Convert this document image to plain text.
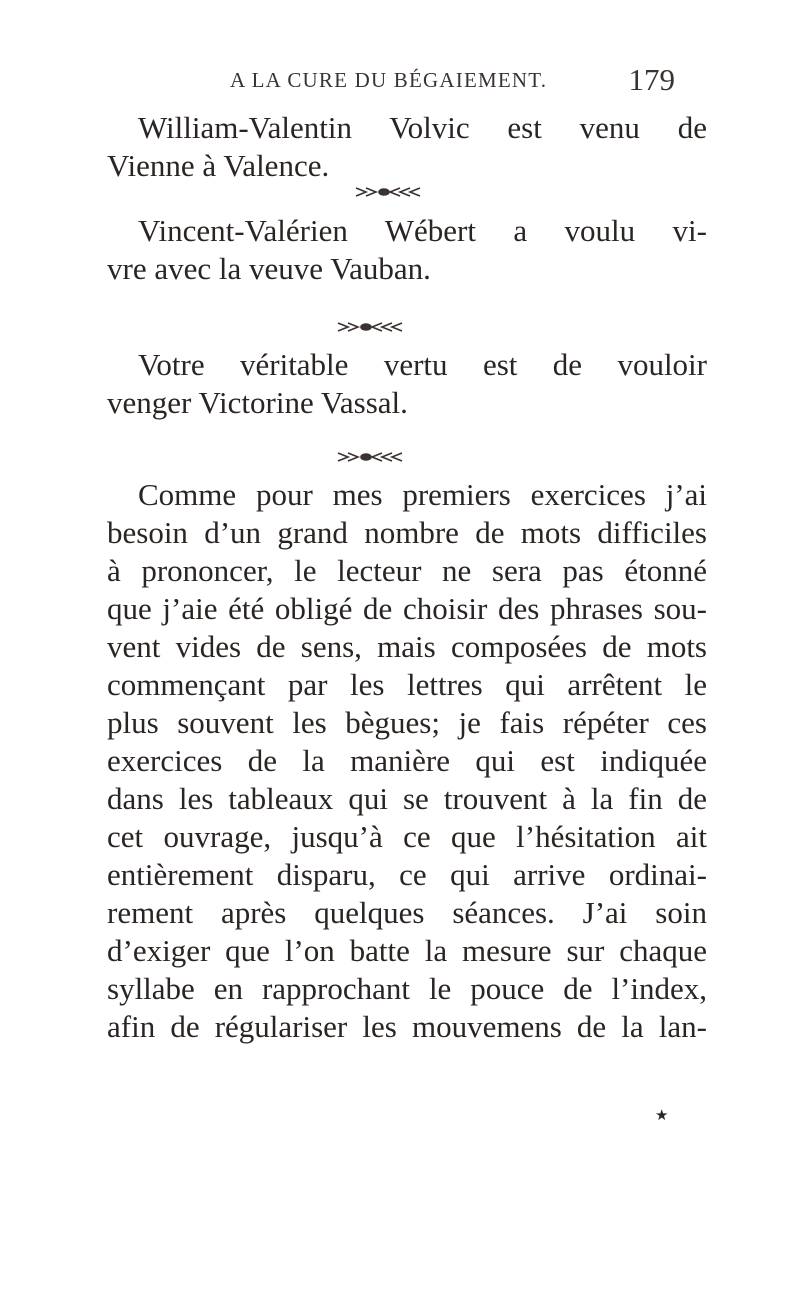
A LA CURE DU BÉGAIEMENT.	179
William-Valentin Volvic est venu de
Vienne à Valence.
Vincent-Valérien Wébert a voulu vi-
vre avec la veuve Vauban.
Votre véritable vertu est de vouloir
venger Victorine Vassal.
Comme pour mes premiers exercices j’ai
besoin d’un grand nombre de mots difficiles
à prononcer, le lecteur ne sera pas étonné
que j’aie été obligé de choisir des phrases sou-
vent vides de sens, mais composées de mots
commençant par les lettres qui arrêtent le
plus souvent les bègues; je fais répéter ces
exercices de la manière qui est indiquée
dans les tableaux qui se trouvent à la fin de
cet ouvrage, jusqu’à ce que l’hésitation ait
entièrement disparu, ce qui arrive ordinai-
rement après quelques séances. J’ai soin
d’exiger que l’on batte la mesure sur chaque
syllabe en rapprochant le pouce de l’index,
afin de régulariser les mouvemens de la lan-
★
